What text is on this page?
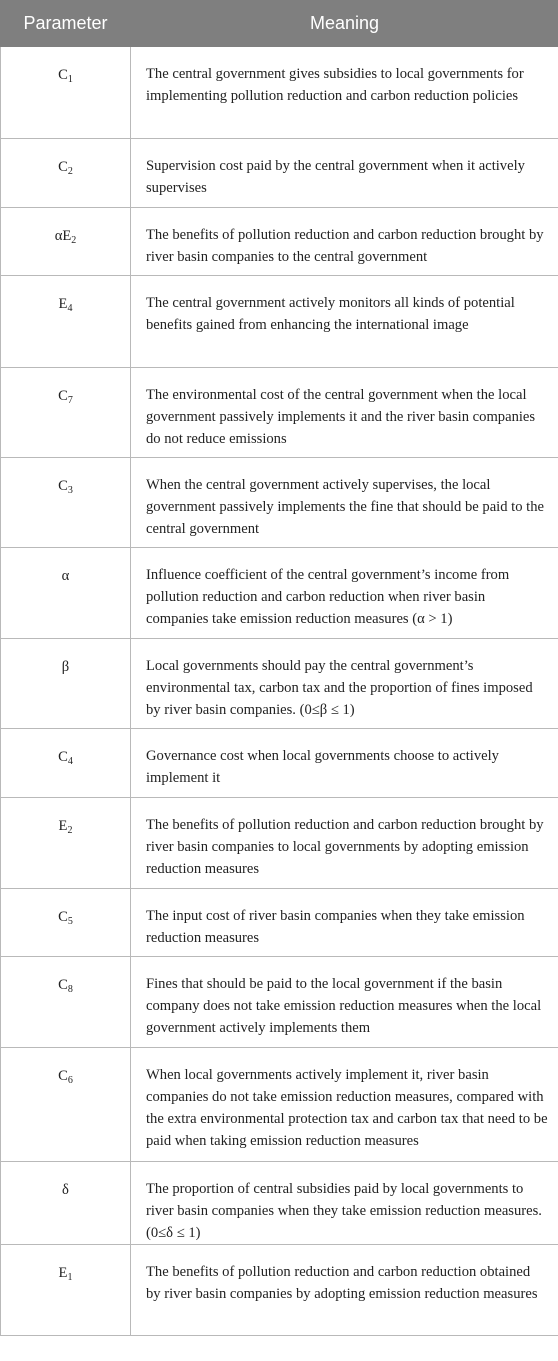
Parameter	Meaning
$C_1$	The central government gives subsidies to local governments for implementing pollution reduction and carbon reduction policies
$C_2$	Supervision cost paid by the central government when it actively supervises
$\alpha E_2$	The benefits of pollution reduction and carbon reduction brought by river basin companies to the central government
$E_4$	The central government actively monitors all kinds of potential benefits gained from enhancing the international image
$C_7$	The environmental cost of the central government when the local government passively implements it and the river basin companies do not reduce emissions
$C_3$	When the central government actively supervises, the local government passively implements the fine that should be paid to the central government
α	Influence coefficient of the central government’s income from pollution reduction and carbon reduction when river basin companies take emission reduction measures (α > 1)
β	Local governments should pay the central government’s environmental tax, carbon tax and the proportion of fines imposed by river basin companies. (0≤β ≤ 1)
$C_4$	Governance cost when local governments choose to actively implement it
$E_2$	The benefits of pollution reduction and carbon reduction brought by river basin companies to local governments by adopting emission reduction measures
$C_5$	The input cost of river basin companies when they take emission reduction measures
$C_8$	Fines that should be paid to the local government if the basin company does not take emission reduction measures when the local government actively implements them
$C_6$	When local governments actively implement it, river basin companies do not take emission reduction measures, compared with the extra environmental protection tax and carbon tax that need to be paid when taking emission reduction measures
δ	The proportion of central subsidies paid by local governments to river basin companies when they take emission reduction measures. (0≤δ ≤ 1)
$E_1$	The benefits of pollution reduction and carbon reduction obtained by river basin companies by adopting emission reduction measures
